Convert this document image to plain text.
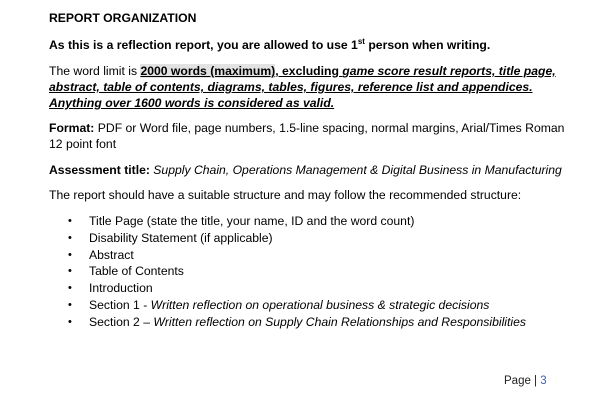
REPORT ORGANIZATION

As this is a reflection report, you are allowed to use 1st person when writing.

The word limit is 2000 words (maximum), excluding game score result reports, title page, abstract, table of contents, diagrams, tables, figures, reference list and appendices. Anything over 1600 words is considered as valid.

Format: PDF or Word file, page numbers, 1.5-line spacing, normal margins, Arial/Times Roman 12 point font

Assessment title: Supply Chain, Operations Management & Digital Business in Manufacturing

The report should have a suitable structure and may follow the recommended structure:

• Title Page (state the title, your name, ID and the word count)
• Disability Statement (if applicable)
• Abstract
• Table of Contents
• Introduction
• Section 1 - Written reflection on operational business & strategic decisions
• Section 2 – Written reflection on Supply Chain Relationships and Responsibilities
Page | 3
